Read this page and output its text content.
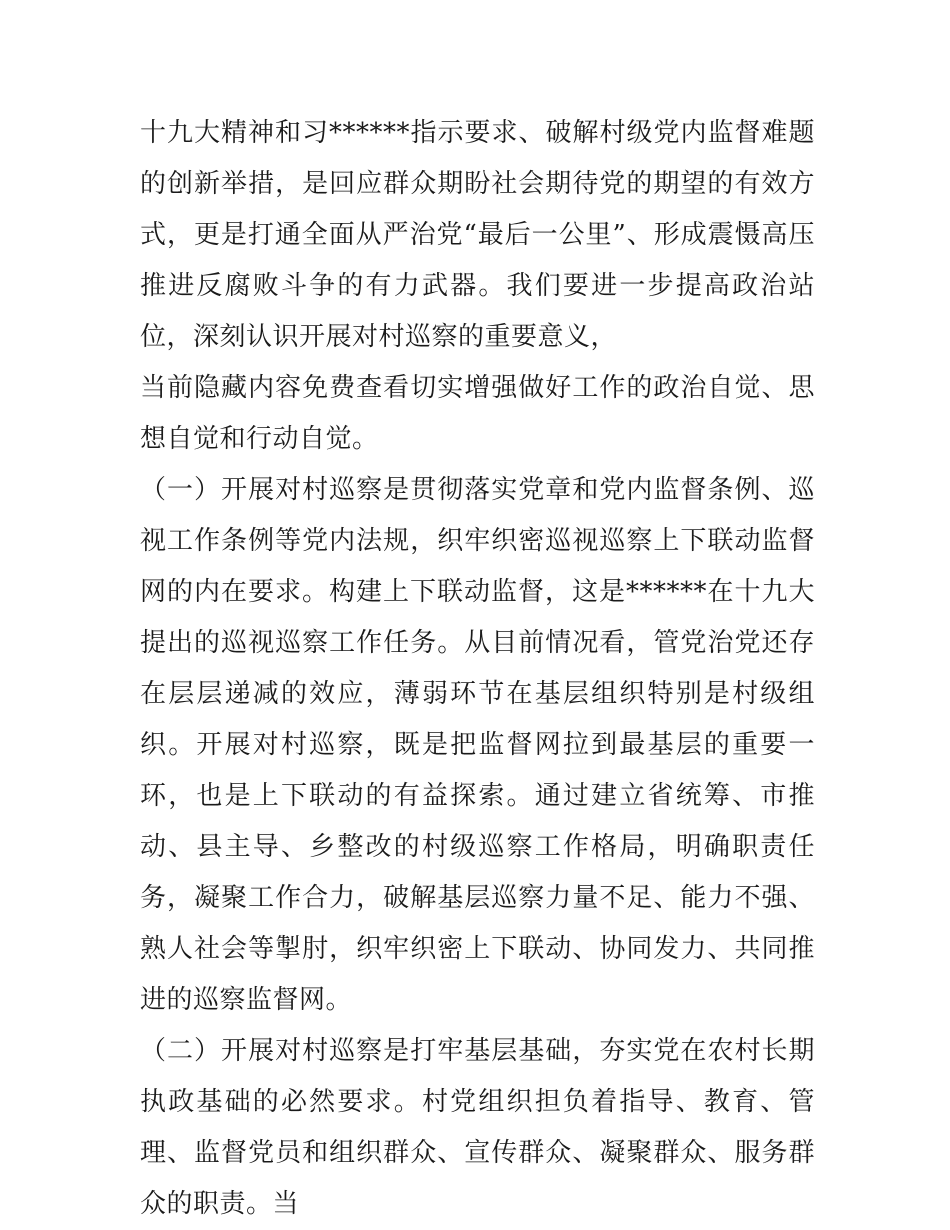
十九大精神和习******指示要求、破解村级党内监督难题的创新举措，是回应群众期盼社会期待党的期望的有效方式，更是打通全面从严治党“最后一公里”、形成震慑高压推进反腐败斗争的有力武器。我们要进一步提高政治站位，深刻认识开展对村巡察的重要意义，

当前隐藏内容免费查看切实增强做好工作的政治自觉、思想自觉和行动自觉。

（一）开展对村巡察是贯彻落实党章和党内监督条例、巡视工作条例等党内法规，织牢织密巡视巡察上下联动监督网的内在要求。构建上下联动监督，这是******在十九大提出的巡视巡察工作任务。从目前情况看，管党治党还存在层层递减的效应，薄弱环节在基层组织特别是村级组织。开展对村巡察，既是把监督网拉到最基层的重要一环，也是上下联动的有益探索。通过建立省统筹、市推动、县主导、乡整改的村级巡察工作格局，明确职责任务，凝聚工作合力，破解基层巡察力量不足、能力不强、熟人社会等掣肘，织牢织密上下联动、协同发力、共同推进的巡察监督网。

（二）开展对村巡察是打牢基层基础，夯实党在农村长期执政基础的必然要求。村党组织担负着指导、教育、管理、监督党员和组织群众、宣传群众、凝聚群众、服务群众的职责。当
